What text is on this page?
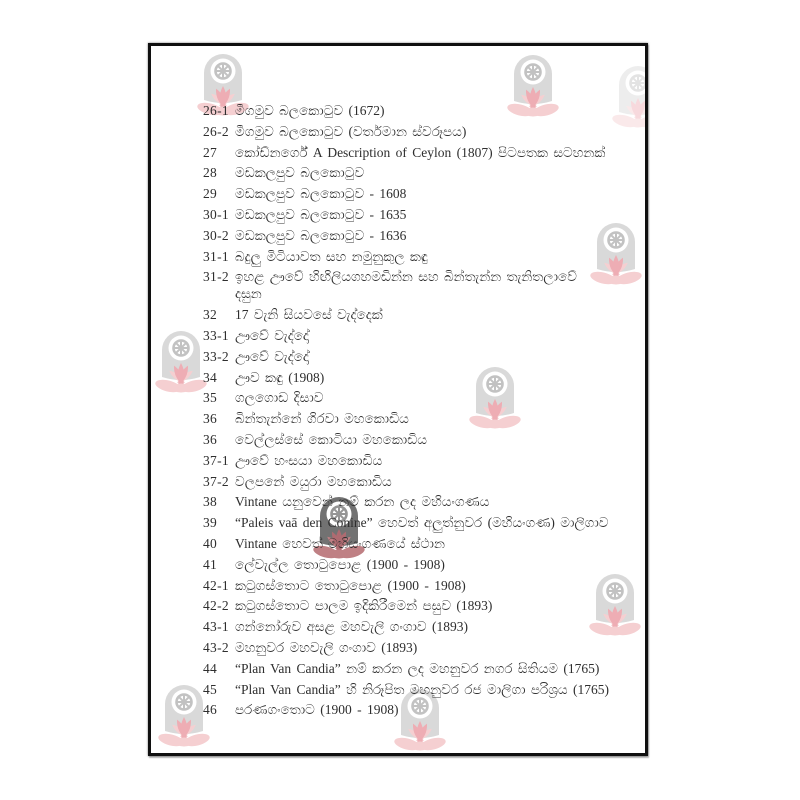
26-1 මීගමුව බලකොටුව (1672)
26-2 මීගමුව බලකොටුව (වර්තමාන ස්වරූපය)
27	කෝඩ්නර්ගේ A Description of Ceylon (1807) පිටපතක සටහනක්
28	මඩකලපුව බලකොටුව
29	මඩකලපුව බලකොටුව - 1608
30-1 මඩකලපුව බලකොටුව - 1635
30-2 මඩකලපුව බලකොටුව - 1636
31-1 බදුලු මිටියාවත සහ නමුනුකුල කඳු
31-2 ඉහළ ඌවේ හිඟිලියගහමඩින්න සහ බින්තැන්න තැනිතලාවේ
දසුන
32	17 වැනි සියවසේ වැද්දෙක්
33-1 ඌවේ වැද්දෝ
33-2 ඌවේ වැද්දෝ
34	ඌව කඳු (1908)
35	ගලගොඩ දිසාව
36	බින්තැන්නේ ගිරවා මහකොඩිය
36	වෙල්ලස්සේ කොටියා මහකොඩිය
37-1 ඌවේ හංසයා මහකොඩිය
37-2 වලපනේ මයුරා මහකොඩිය
38	Vintane යනුවෙන් නම් කරන ලද මහියංගණය
39	“Paleis vaā den Conine” හෙවත් අලුත්නුවර (මහියංගණ) මාලිගාව
40	Vintane හෙවත් මහියංගණයේ ස්ථාන
41	ලේවැල්ල තොටුපොළ (1900 - 1908)
42-1 කටුගස්තොට තොටුපොළ (1900 - 1908)
42-2 කටුගස්තොට පාලම ඉදිකිරීමෙන් පසුව (1893)
43-1 ගන්නෝරුව අසළ මහවැලි ගංගාව (1893)
43-2 මහනුවර මහවැලි ගංගාව (1893)
44	“Plan Van Candia” නම් කරන ලද මහනුවර නගර සිතියම (1765)
45	“Plan Van Candia” හි නිරූපිත මහනුවර රජ මාලිගා පරිශ්‍රය (1765)
46	පරණගංතොට (1900 - 1908)
